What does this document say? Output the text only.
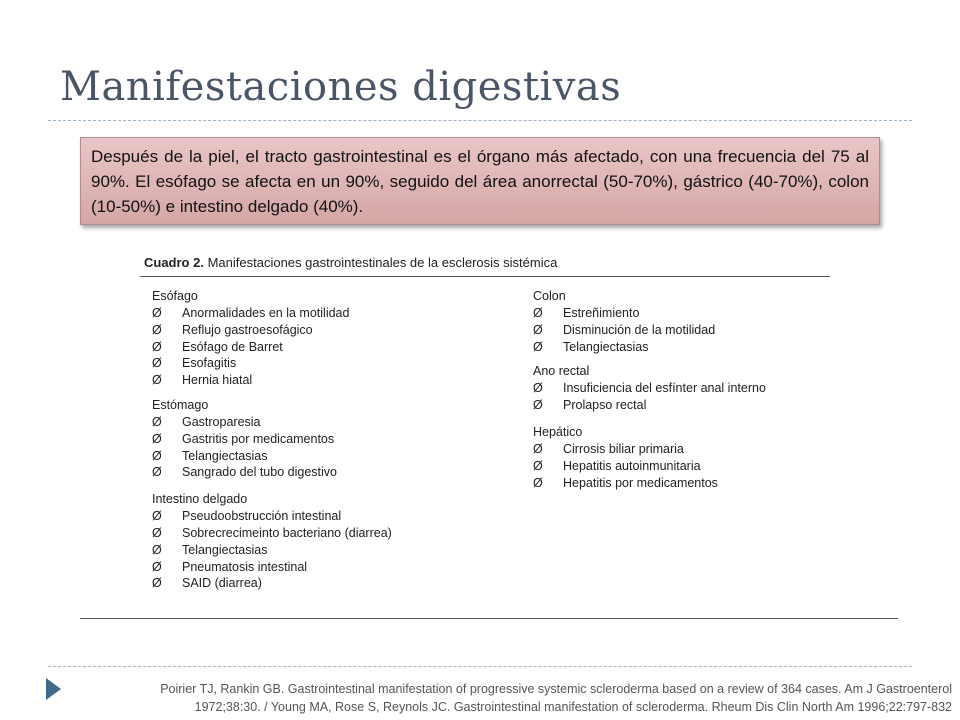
Manifestaciones digestivas
Después de la piel, el tracto gastrointestinal es el órgano más afectado, con una frecuencia del 75 al 90%. El esófago se afecta en un 90%, seguido del área anorrectal (50-70%), gástrico (40-70%), colon (10-50%) e intestino delgado (40%).
Cuadro 2. Manifestaciones gastrointestinales de la esclerosis sistémica
Esófago
Ø	Anormalidades en la motilidad
Ø	Reflujo gastroesofágico
Ø	Esófago de Barret
Ø	Esofagitis
Ø	Hernia hiatal
Estómago
Ø	Gastroparesia
Ø	Gastritis por medicamentos
Ø	Telangiectasias
Ø	Sangrado del tubo digestivo
Intestino delgado
Ø	Pseudoobstrucción intestinal
Ø	Sobrecrecimeinto bacteriano (diarrea)
Ø	Telangiectasias
Ø	Pneumatosis intestinal
Ø	SAID (diarrea)
Colon
Ø	Estreñimiento
Ø	Disminución de la motilidad
Ø	Telangiectasias
Ano rectal
Ø	Insuficiencia del esfínter anal interno
Ø	Prolapso rectal
Hepático
Ø	Cirrosis biliar primaria
Ø	Hepatitis autoinmunitaria
Ø	Hepatitis por medicamentos
Poirier TJ, Rankin GB. Gastrointestinal manifestation of progressive systemic scleroderma based on a review of 364 cases. Am J Gastroenterol
1972;38:30. / Young MA, Rose S, Reynols JC. Gastrointestinal manifestation of scleroderma. Rheum Dis Clin North Am 1996;22:797-832
